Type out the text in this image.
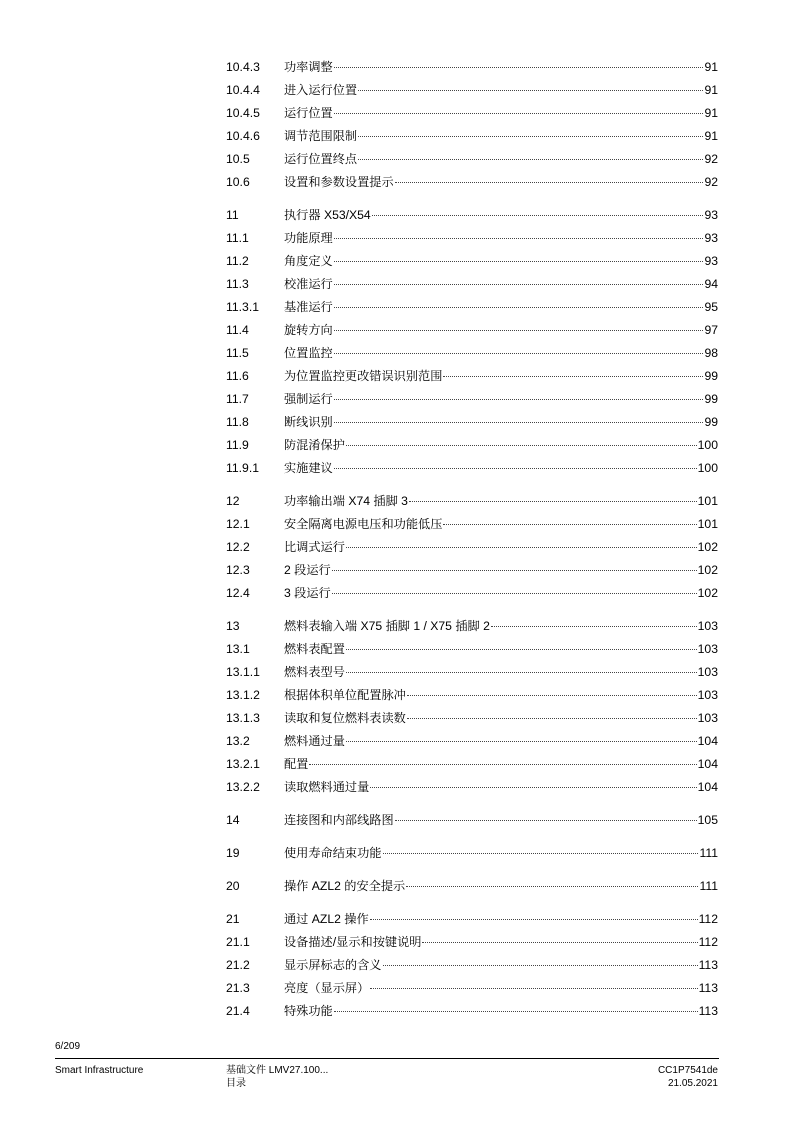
10.4.3	功率调整	91
10.4.4	进入运行位置	91
10.4.5	运行位置	91
10.4.6	调节范围限制	91
10.5	运行位置终点	92
10.6	设置和参数设置提示	92
11	执行器 X53/X54	93
11.1	功能原理	93
11.2	角度定义	93
11.3	校准运行	94
11.3.1	基准运行	95
11.4	旋转方向	97
11.5	位置监控	98
11.6	为位置监控更改错误识别范围	99
11.7	强制运行	99
11.8	断线识别	99
11.9	防混淆保护	100
11.9.1	实施建议	100
12	功率输出端 X74 插脚 3	101
12.1	安全隔离电源电压和功能低压	101
12.2	比调式运行	102
12.3	2 段运行	102
12.4	3 段运行	102
13	燃料表输入端 X75 插脚 1 / X75 插脚 2	103
13.1	燃料表配置	103
13.1.1	燃料表型号	103
13.1.2	根据体积单位配置脉冲	103
13.1.3	读取和复位燃料表读数	103
13.2	燃料通过量	104
13.2.1	配置	104
13.2.2	读取燃料通过量	104
14	连接图和内部线路图	105
19	使用寿命结束功能	111
20	操作 AZL2 的安全提示	111
21	通过 AZL2 操作	112
21.1	设备描述/显示和按键说明	112
21.2	显示屏标志的含义	113
21.3	亮度（显示屏）	113
21.4	特殊功能	113
6/209
Smart Infrastructure	基础文件 LMV27.100...
目录
CC1P7541de
21.05.2021
